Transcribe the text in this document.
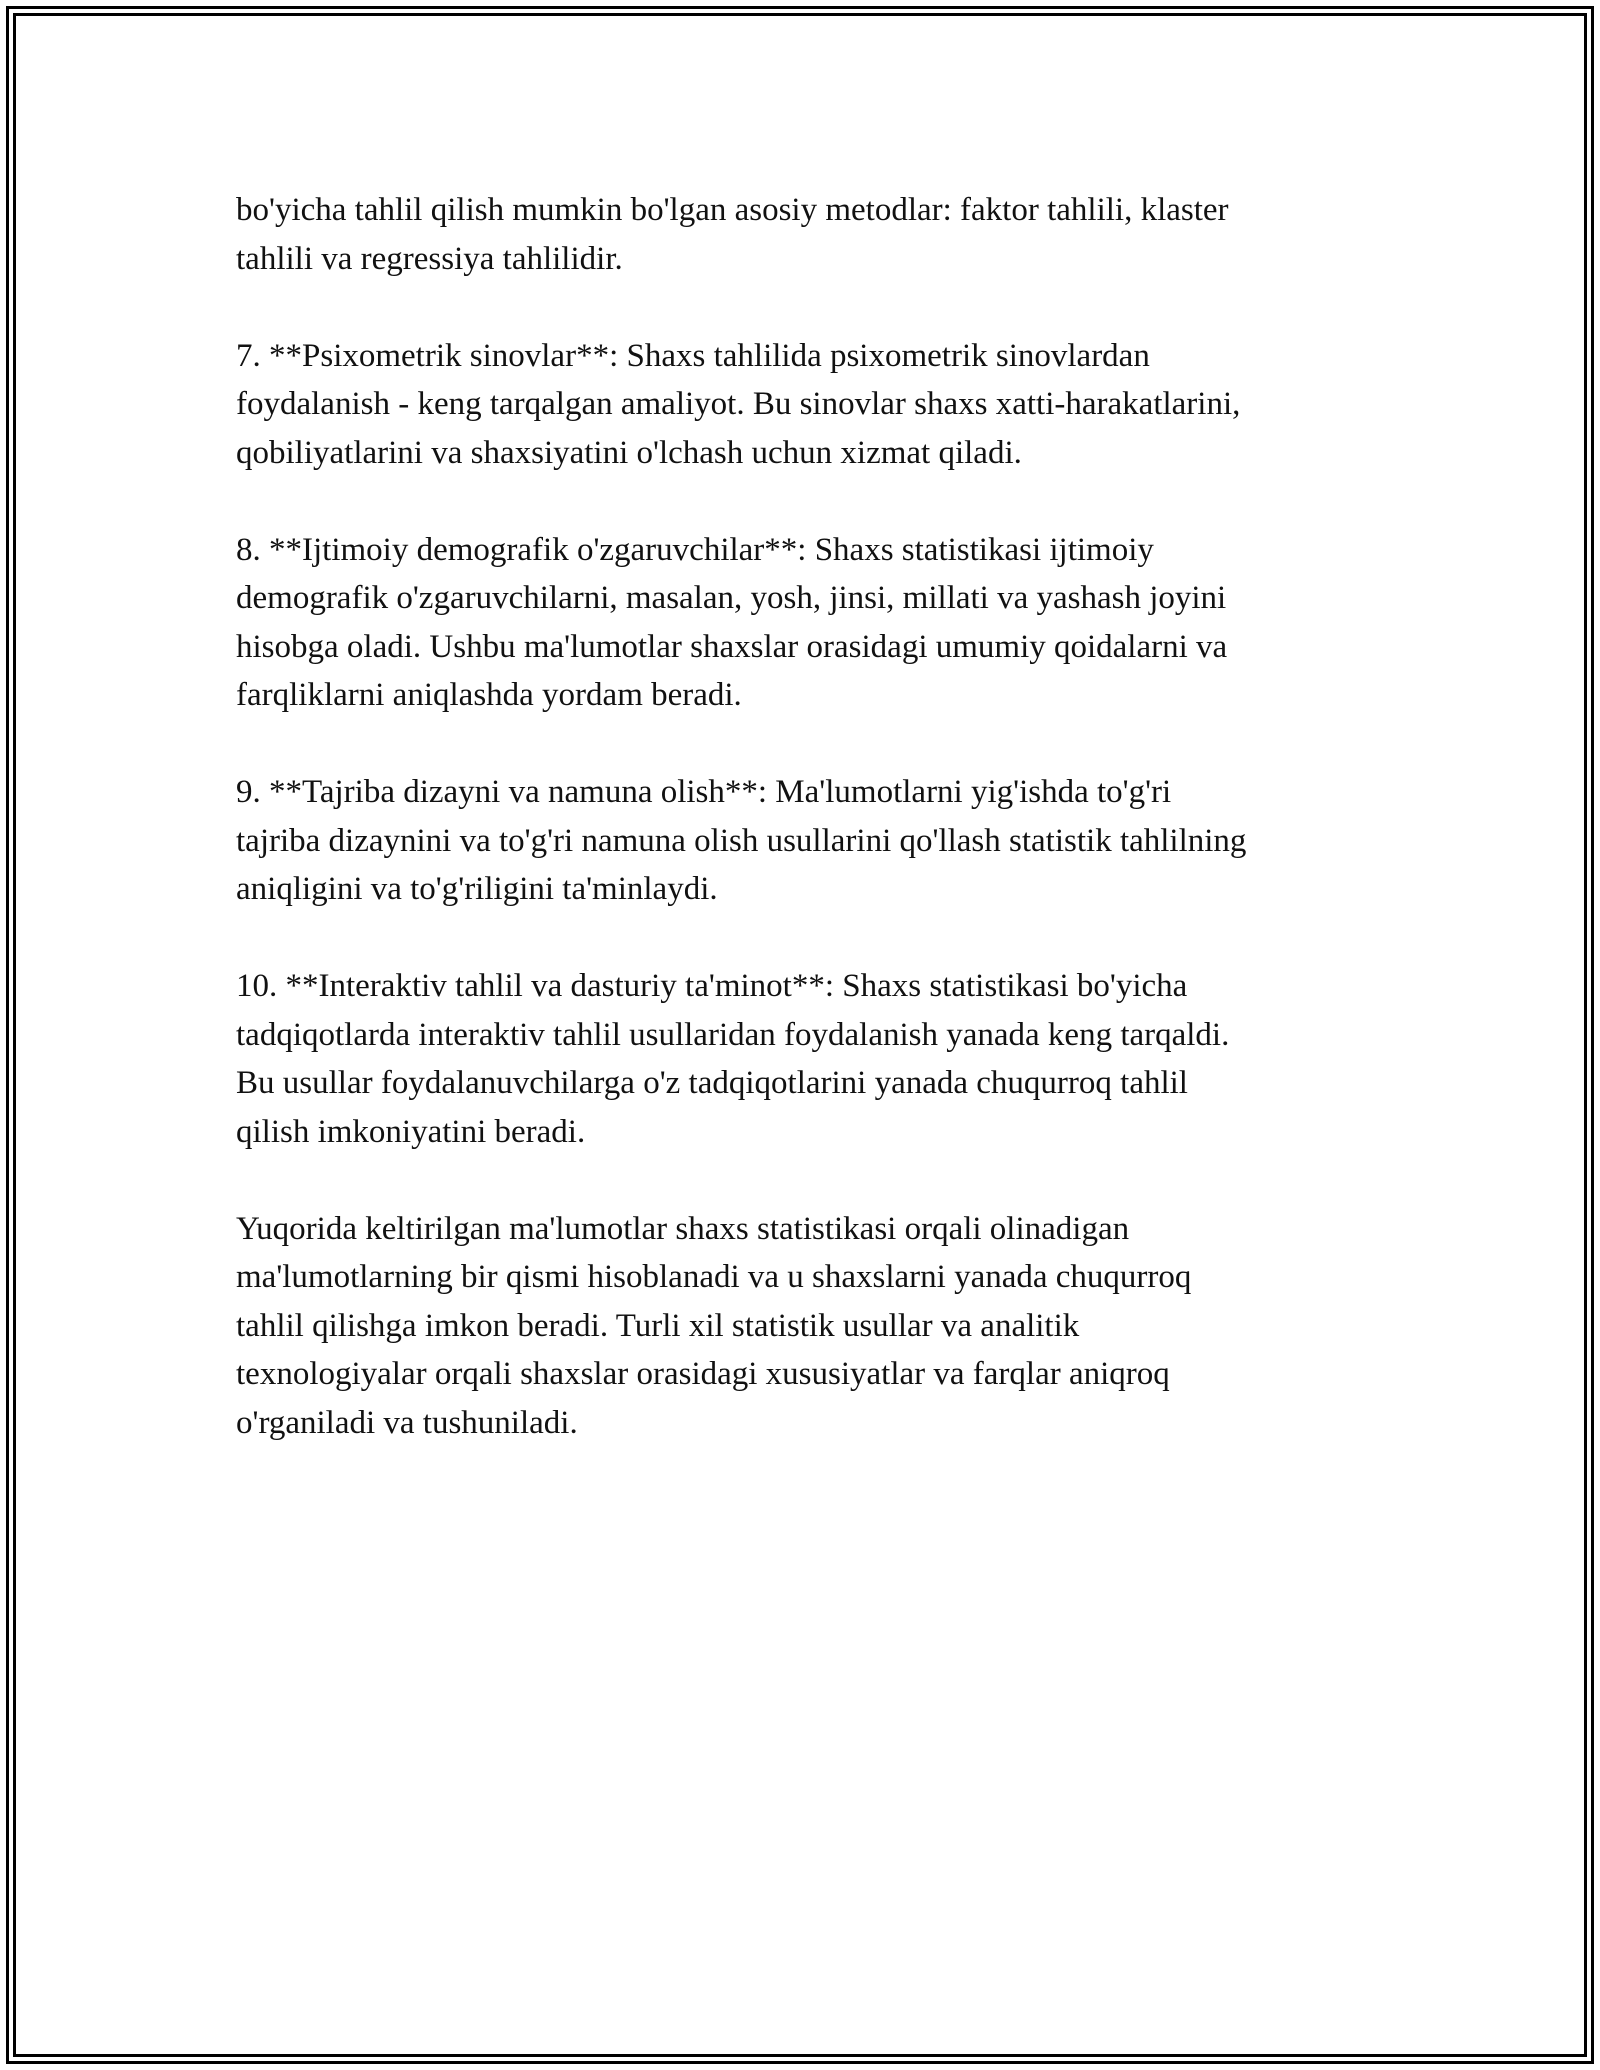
bo'yicha tahlil qilish mumkin bo'lgan asosiy metodlar: faktor tahlili, klaster
tahlili va regressiya tahlilidir.

7. **Psixometrik sinovlar**: Shaxs tahlilida psixometrik sinovlardan
foydalanish - keng tarqalgan amaliyot. Bu sinovlar shaxs xatti-harakatlarini,
qobiliyatlarini va shaxsiyatini o'lchash uchun xizmat qiladi.

8. **Ijtimoiy demografik o'zgaruvchilar**: Shaxs statistikasi ijtimoiy
demografik o'zgaruvchilarni, masalan, yosh, jinsi, millati va yashash joyini
hisobga oladi. Ushbu ma'lumotlar shaxslar orasidagi umumiy qoidalarni va
farqliklarni aniqlashda yordam beradi.

9. **Tajriba dizayni va namuna olish**: Ma'lumotlarni yig'ishda to'g'ri
tajriba dizaynini va to'g'ri namuna olish usullarini qo'llash statistik tahlilning
aniqligini va to'g'riligini ta'minlaydi.

10. **Interaktiv tahlil va dasturiy ta'minot**: Shaxs statistikasi bo'yicha
tadqiqotlarda interaktiv tahlil usullaridan foydalanish yanada keng tarqaldi.
Bu usullar foydalanuvchilarga o'z tadqiqotlarini yanada chuqurroq tahlil
qilish imkoniyatini beradi.

Yuqorida keltirilgan ma'lumotlar shaxs statistikasi orqali olinadigan
ma'lumotlarning bir qismi hisoblanadi va u shaxslarni yanada chuqurroq
tahlil qilishga imkon beradi. Turli xil statistik usullar va analitik
texnologiyalar orqali shaxslar orasidagi xususiyatlar va farqlar aniqroq
o'rganiladi va tushuniladi.
